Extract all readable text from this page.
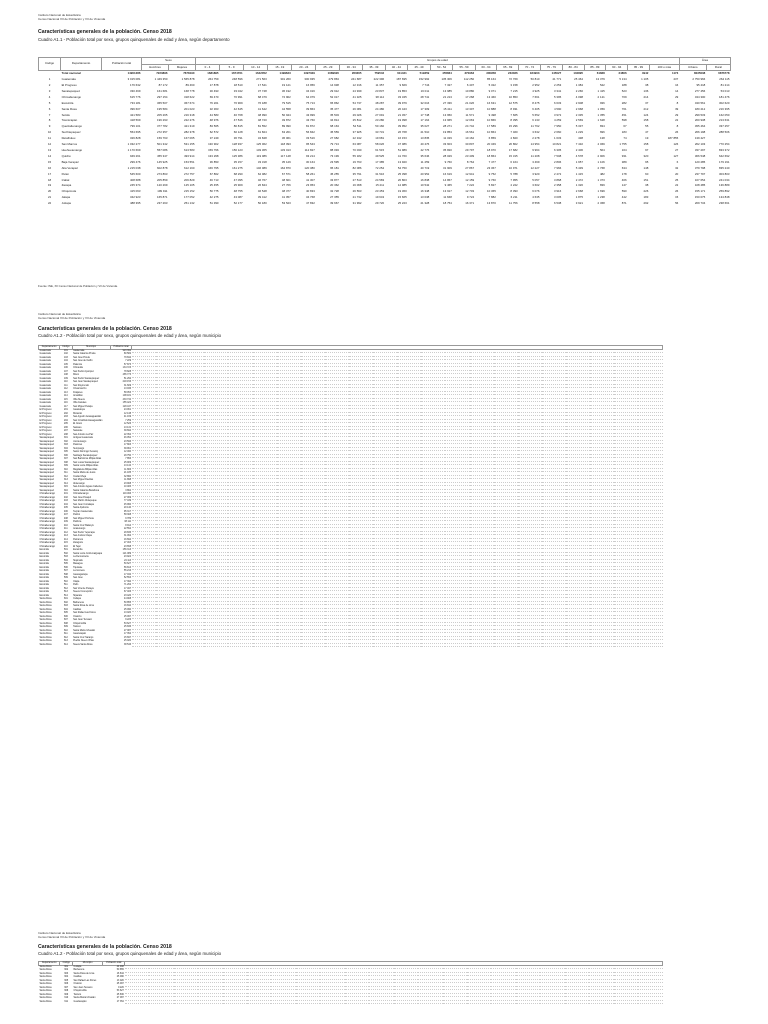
Instituto Nacional de Estadística
Censo Nacional XII de Población y VII de Vivienda
Características generales de la población. Censo 2018
Cuadro A1.1 - Población total por sexo, grupos quinquenales de edad y área, según departamento
Código	Departamento	Población total	Sexo		Grupos de edad																					Área	
			Hombres	Mujeres	0 - 4	5 - 9	10 - 14	15 - 19	20 - 24	25 - 29	30 - 34	35 - 39	40 - 44	45 - 49	50 - 54	55 - 59	60 - 64	65 - 69	70 - 74	75 - 79	80 - 84	85 - 89	90 - 94	95 - 99	100 o más	Urbano	Rural
	Total nacional	14901286	7223896	7678190	1681895	1674761	1642052	1499623	1397329	1089620	950365	759542	611421	519359	455864	370963	300958	233036	184903	145027	104895	61838	24806	4942	1173	8035038	6876778
1	Guatemala	3 015 081	1 449 350	1 565 878	264 759	248 596	271 563	301 260	300 935	279 863	241 687	222 396	187 695	152 992	135 306	112 250	85 164	72 769	50 810	41 771	25 464	13 379	5 134	1 105	237	2 750 966	264 115
2	El Progreso	176 632	87 172	89 460	17 878	18 510	17 541	19 121	16 956	14 938	12 316	11 357	9 669	7 744	7 327	6 407	5 322	3 158	2 952	2 253	1 384	542	188	38	16	95 418	81 214
3	Sacatepéquez	330 469	161 681	168 778	30 493	33 042	37 748	36 192	34 016	29 912	24 939	23 837	19 853	16 011	13 985	10 880	9 071	7 215	4 925	3 341	2 266	1 415	523	136	14	277 456	53 013
4	Chimaltenango	615 776	297 154	318 622	69 470	70 991	68 479	72 902	64 079	52 017	41 325	38 112	33 345	28 741	21 213	17 268	13 460	10 853	7 661	5 395	4 098	2 121	709	214	29	434 300	181 476
5	Escuintla	733 181	365 507	367 674	76 201	76 969	76 188	79 515	75 713	65 862	54 737	48 287	39 979	32 016	27 336	21 026	16 631	12 575	8 475	6 633	2 908	936	282	37	8	430 561	302 620
6	Santa Rosa	396 607	195 584	201 023	32 363	42 645	41 642	44 558	39 863	35 477	26 081	24 480	20 443	17 309	15 411	13 307	10 888	8 931	6 405	4 590	2 968	1 059	761	212	39	180 212	216 395
7	Sololá	421 583	205 265	216 318	44 583	46 768	48 990	50 944	43 999	35 503	29 026	27 091	21 457	17 748	13 950	11 571	9 498	7 665	5 652	3 972	2 335	1 355	451	124	29	299 533	162 050
8	Totonicapán	418 569	196 293	222 276	48 976	47 546	48 720	49 872	43 760	34 814	25 812	23 280	19 098	17 164	13 965	12 063	10 866	8 395	6 133	4 259	2 569	1 628	598	158	22	200 938	213 631
9	Quetzaltenango	799 101	377 782	421 319	83 565	80 815	81 552	89 990	81 872	68 163	54 511	50 160	39 952	35 027	28 271	24 742	17 589	15 296	11 762	7 950	5 337	834	67	55	8	455 464	337 257
10	Suchitepéquez	554 695	272 357	282 378	62 572	60 128	61 824	63 201	56 842	45 559	37 925	33 731	26 768	21 510	19 853	16 561	10 864	7 460	3 632	2 660	1 229	696	183	47	26	266 198	288 506
11	Retalhuleu	326 828	159 763	167 065	37 249	36 791	34 848	36 061	33 516	27 682	22 342	19 681	16 153	13 835	11 329	10 162	6 859	4 820	2 278	1 633	438	138	74	19	187 855	139 427	
12	San Marcos	1 032 277	501 342	531 155	130 902	128 937	125 062	118 093	95 543	79 713	63 087	58 026	47 086	40 476	33 603	30 807	20 349	20 802	14 954	10 821	7 432	4 069	1 755	158	126	262 103	770 254
13	Huehuetenango	1 170 669	557 086	613 583	159 796	156 123	149 365	133 013	112 827	88 093	70 030	61 515	51 989	42 776	35 820	29 797	18 970	17 682	9 964	6 305	2 406	564	164	97	27	337 297	833 372
14	Quiché	949 261	455 347	493 914	133 298	125 386	119 086	117 148	93 214	73 199	55 182	49 525	41 760	35 646	28 029	23 409	18 864	15 315	11 208	7 508	4 578	2 906	931	320	127	306 548	642 692
15	Baja Verapaz	299 476	145 925	153 551	36 853	35 157	33 318	35 129	30 164	23 595	19 763	17 385	13 920	11 259	9 760	8 764	7 477	6 164	3 469	2 806	1 957	1 106	389	95	6	120 285	179 191
16	Alta Verapaz	1 215 038	602 878	612 160	166 795	161 275	146 089	164 870	120 380	95 181	82 086	72 254	54 750	40 719	31 909	27 867	23 367	16 971	12 227	7 966	5 439	2 768	634	148	32	379 798	835 240
17	Petén	545 600	273 863	272 757	67 862	68 290	62 082	67 571	58 261	45 255	35 791	31 516	25 398	20 952	16 619	12 941	9 752	5 788	3 920	2 472	1 415	482	178	60	20	237 797	303 803
18	Izabal	408 688	205 859	206 829	46 713	47 095	46 767	48 601	41 307	33 877	27 513	24 583	20 803	16 838	14 867	12 159	9 760	7 955	5 057	3 868	2 472	1 373	466	151	25	167 654	241 034
19	Zacapa	245 374	120 269	125 105	25 455	25 909	26 844	27 706	23 953	20 362	16 068	15 211	12 985	10 542	9 465	7 222	5 827	4 222	3 602	2 358	1 326	839	147	38	22	108 485	136 889
20	Chiquimula	415 063	199 911	215 152	50 775	48 755	46 548	48 377	40 833	32 728	26 563	23 453	19 360	16 348	13 917	12 703	10 365	8 393	6 076	3 916	2 668	1 699	590	226	26	155 171	259 892
21	Jalapa	342 923	165 871	177 052	42 275	43 087	39 412	41 057	34 768	27 355	21 732	19 643	15 665	13 038	11 668	9 724	7 882	6 211	4 635	3 005	1 875	1 238	442	183	15	150 075	134 848
22	Jutiapa	488 395	237 263	251 132	51 390	52 177	50 180	53 523	47 832	39 667	31 992	29 720	25 223	21 328	18 754	16 371	13 870	11 756	8 558	6 538	3 921	2 368	871	292	56	209 734	238 661
Fuente: INE, XII Censo Nacional de Población y VII de Vivienda.
Instituto Nacional de Estadística
Censo Nacional XII de Población y VII de Vivienda
Características generales de la población. Censo 2018
Cuadro A1.2 - Población total por sexo, grupos quinquenales de edad y área, según municipio
Departamento	Código	Municipio	Población total																						
Guatemala	101	Guatemala	923 392																						
Guatemala	102	Santa Catarina Pinula	80 582																						
Guatemala	103	San José Pinula	79 844																						
Guatemala	104	San José del Golfo	7 229																						
Guatemala	105	Palencia	57 873																						
Guatemala	106	Chinautla	134 723																						
Guatemala	107	San Pedro Ayampuc	78 828																						
Guatemala	108	Mixco	465 773																						
Guatemala	109	San Pedro Sacatepéquez	51 292																						
Guatemala	110	San Juan Sacatepéquez	218 156																						
Guatemala	111	San Raymundo	31 609																						
Guatemala	112	Chuarrancho	13 036																						
Guatemala	113	Fraijanes	58 053																						
Guatemala	114	Amatitlán	108 181																						
Guatemala	115	Villa Nueva	433 734																						
Guatemala	116	Villa Canales	155 422																						
Guatemala	117	San Miguel Petapa	129 447																						
El Progreso	201	Guastatoya	24 061																						
El Progreso	202	Morazán	12 138																						
El Progreso	203	San Agustín Acasaguastlán	41 169																						
El Progreso	204	San Cristóbal Acasaguastlán	7 259																						
El Progreso	205	El Jícaro	12 526																						
El Progreso	206	Sansare	13 131																						
El Progreso	207	Sanarate	39 694																						
El Progreso	208	San Antonio La Paz	22 354																						
Sacatepéquez	301	Antigua Guatemala	46 054																						
Sacatepéquez	302	Jocotenango	23 596																						
Sacatepéquez	303	Pastores	17 803																						
Sacatepéquez	304	Sumpango	39 961																						
Sacatepéquez	305	Santo Domingo Xenacoj	12 460																						
Sacatepéquez	306	Santiago Sacatepéquez	29 750																						
Sacatepéquez	307	San Bartolomé Milpas Altas	7 856																						
Sacatepéquez	308	San Lucas Sacatepéquez	25 909																						
Sacatepéquez	309	Santa Lucía Milpas Altas	13 134																						
Sacatepéquez	310	Magdalena Milpas Altas	11 806																						
Sacatepéquez	311	Santa María de Jesús	21 185																						
Sacatepéquez	312	Ciudad Vieja	32 860																						
Sacatepéquez	313	San Miguel Dueñas	11 898																						
Sacatepéquez	314	Alotenango	23 908																						
Sacatepéquez	315	San Antonio Aguas Calientes	10 483																						
Sacatepéquez	316	Santa Catarina Barahona	3 864																						
Chimaltenango	401	Chimaltenango	119 466																						
Chimaltenango	402	San José Poaquil	27 069																						
Chimaltenango	403	San Martín Jilotepeque	77 439																						
Chimaltenango	404	San Juan Comalapa	45 960																						
Chimaltenango	405	Santa Apolonia	20 140																						
Chimaltenango	406	Tecpán Guatemala	95 317																						
Chimaltenango	407	Patzún	58 308																						
Chimaltenango	408	San Miguel Pochuta	9 789																						
Chimaltenango	409	Patzicía	38 111																						
Chimaltenango	410	Santa Cruz Balanyá	8 914																						
Chimaltenango	411	Acatenango	22 554																						
Chimaltenango	412	San Pedro Yepocapa	29 836																						
Chimaltenango	413	San Andrés Itzapa	31 062																						
Chimaltenango	414	Parramos	16 694																						
Chimaltenango	415	Zaragoza	27 463																						
Chimaltenango	416	El Tejar	23 658																						
Escuintla	501	Escuintla	156 313																						
Escuintla	502	Santa Lucía Cotzumalguapa	121 089																						
Escuintla	503	La Democracia	23 924																						
Escuintla	504	Siquinalá	24 113																						
Escuintla	505	Masagua	50 627																						
Escuintla	506	Tiquisate	56 813																						
Escuintla	507	La Gomera	55 216																						
Escuintla	508	Guanagazapa	17 034																						
Escuintla	509	San José	52 553																						
Escuintla	510	Iztapa	17 394																						
Escuintla	511	Palín	71 262																						
Escuintla	512	San Vicente Pacaya	17 497																						
Escuintla	513	Nueva Concepción	67 406																						
Escuintla	514	Sipacate	23 420																						
Santa Rosa	601	Cuilapa	44 908																						
Santa Rosa	602	Barberena	50 855																						
Santa Rosa	603	Santa Rosa de Lima	16 844																						
Santa Rosa	604	Casillas	25 090																						
Santa Rosa	605	San Rafael Las Flores	13 020																						
Santa Rosa	606	Oratorio	25 097																						
Santa Rosa	607	San Juan Tecuaco	9 226																						
Santa Rosa	608	Chiquimulilla	53 627																						
Santa Rosa	609	Taxisco	25 836																						
Santa Rosa	610	Santa María Ixhuatán	27 087																						
Santa Rosa	611	Guazacapán	17 354																						
Santa Rosa	612	Santa Cruz Naranjo	15 697																						
Santa Rosa	613	Pueblo Nuevo Viñas	25 020																						
Santa Rosa	614	Nueva Santa Rosa	38 546																						
Instituto Nacional de Estadística
Censo Nacional XII de Población y VII de Vivienda
Características generales de la población. Censo 2018
Cuadro A1.2 - Población total por sexo, grupos quinquenales de edad y área, según municipio
Departamento	Código	Municipio	Población total																						
Santa Rosa	601	Cuilapa	44 908																						
Santa Rosa	602	Barberena	50 855																						
Santa Rosa	603	Santa Rosa de Lima	16 844																						
Santa Rosa	604	Casillas	25 090																						
Santa Rosa	605	San Rafael Las Flores	13 020																						
Santa Rosa	606	Oratorio	25 097																						
Santa Rosa	607	San Juan Tecuaco	9 226																						
Santa Rosa	608	Chiquimulilla	53 627																						
Santa Rosa	609	Taxisco	25 836																						
Santa Rosa	610	Santa María Ixhuatán	27 087																						
Santa Rosa	611	Guazacapán	17 354																						
